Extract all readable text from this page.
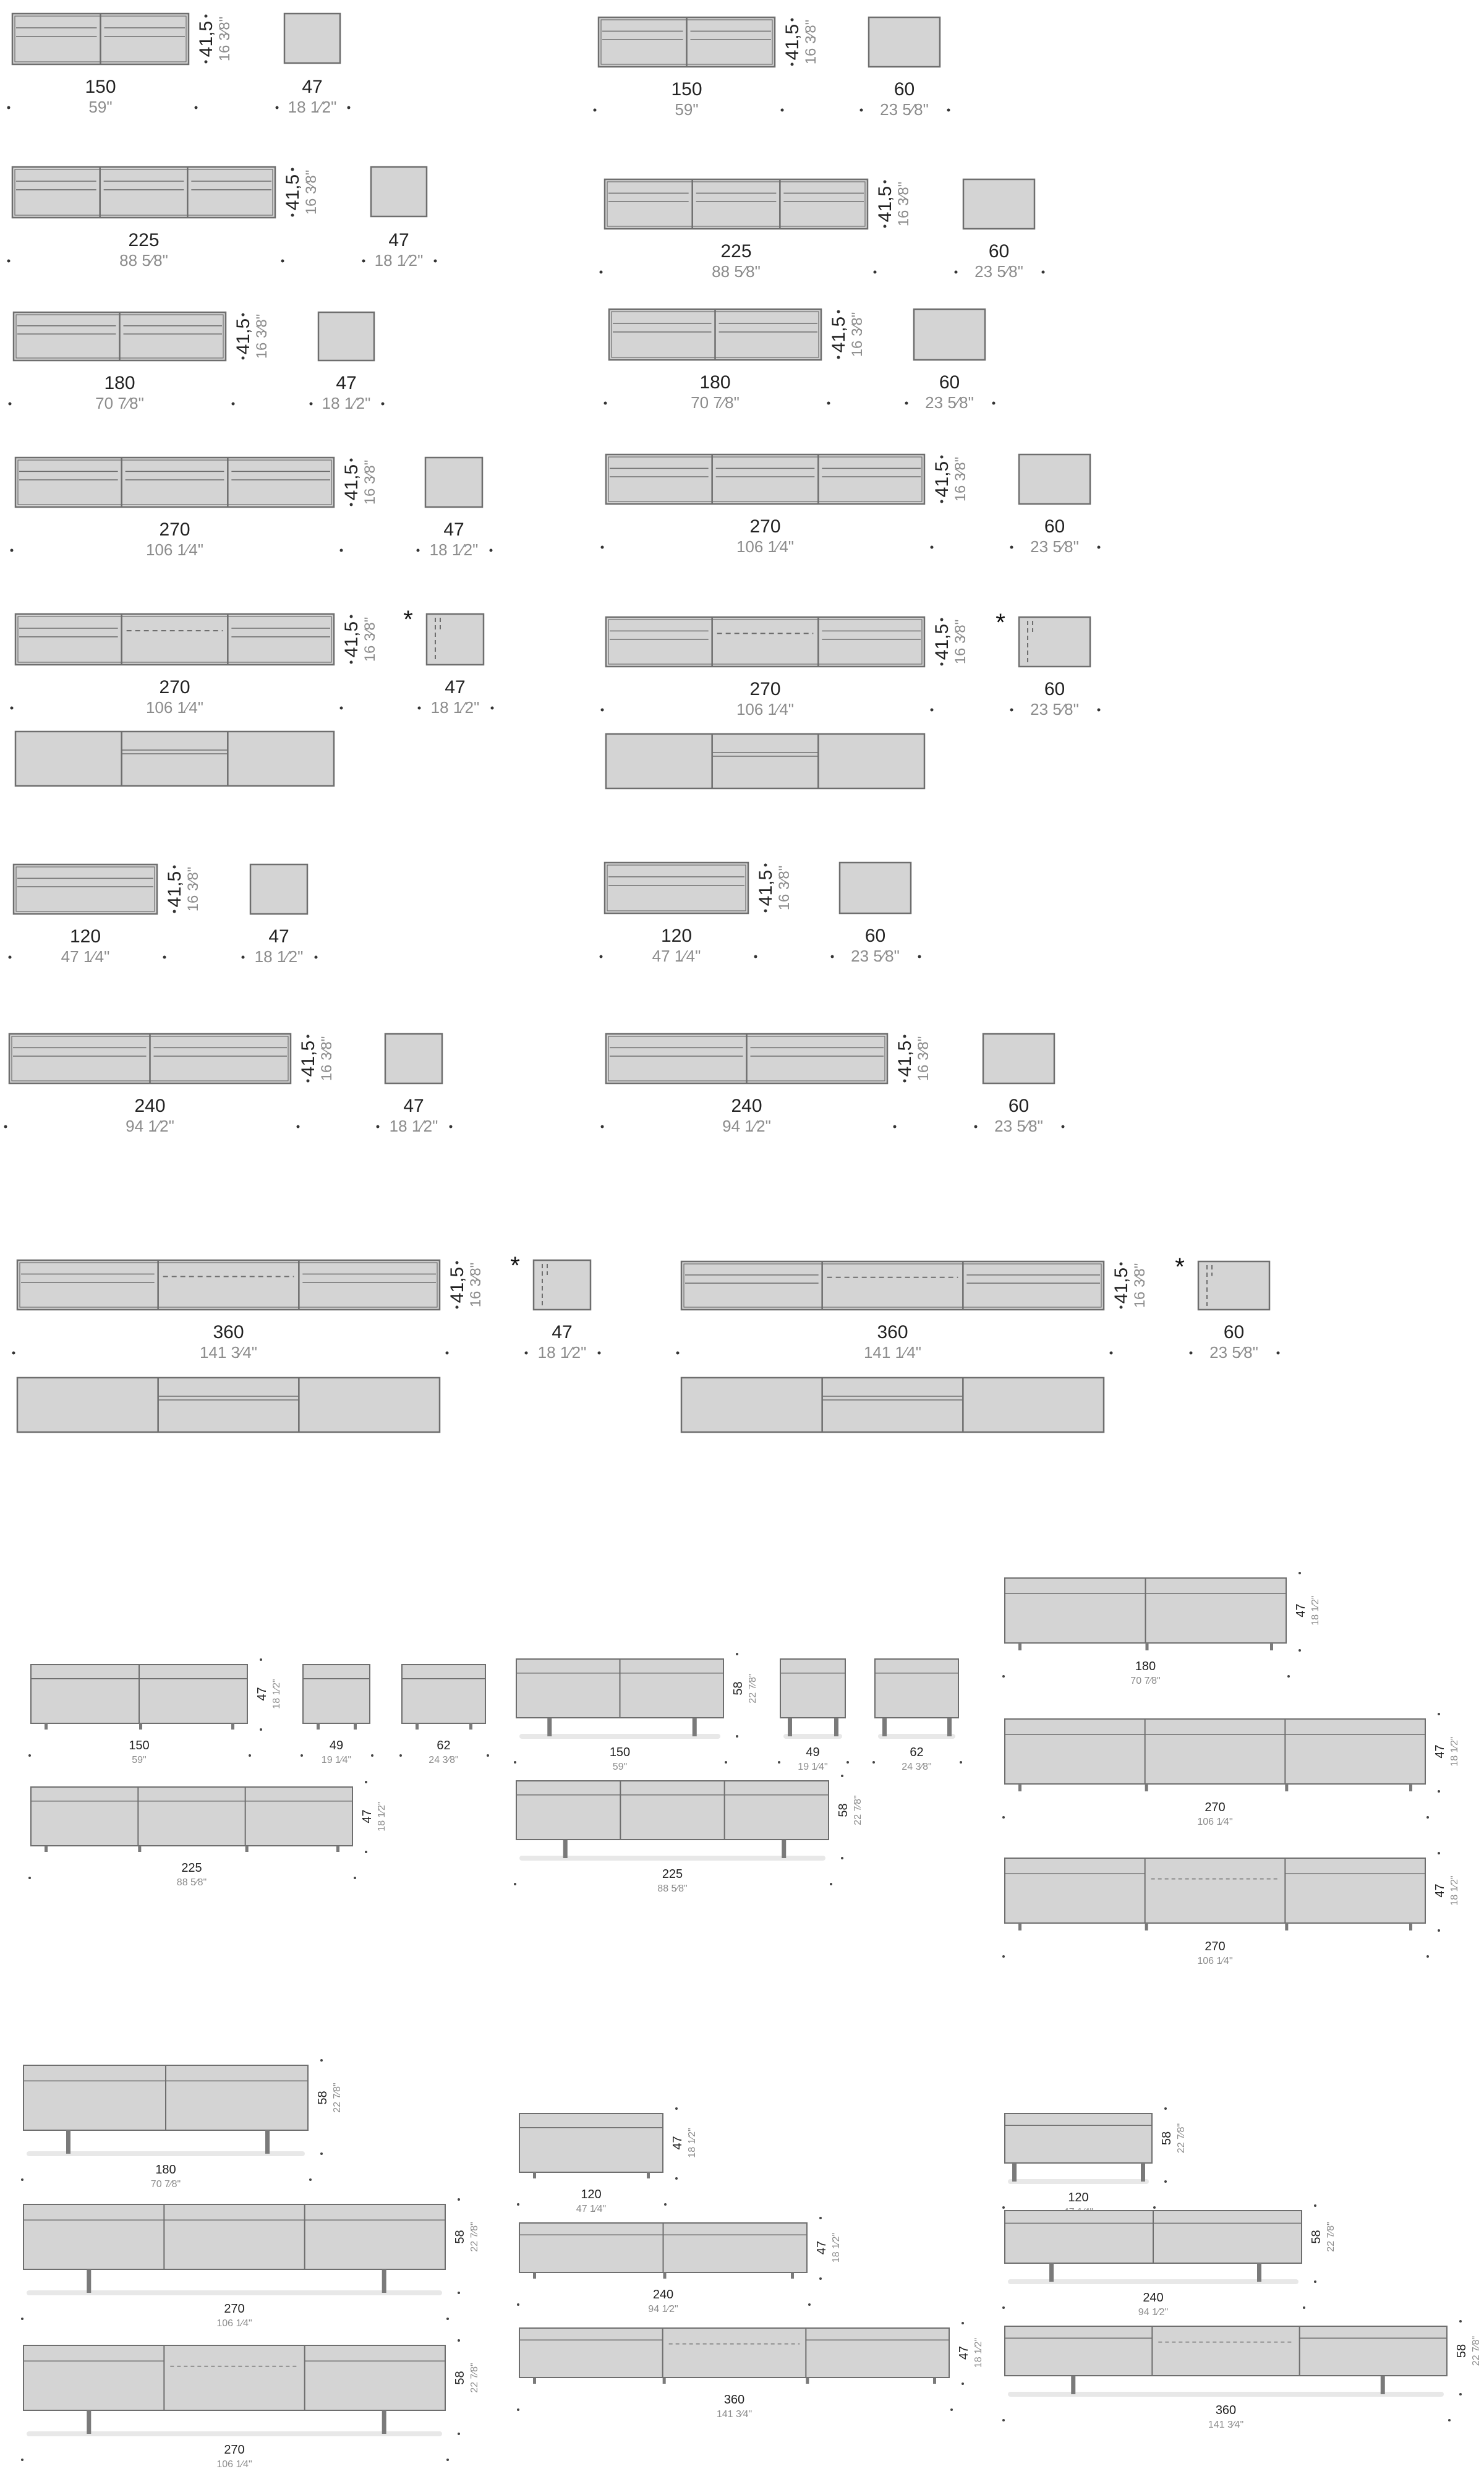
150
59"
41,5 16 3⁄8"
47
18 1⁄2"
150
59"
41,5 16 3⁄8"
60
23 5⁄8"
225
88 5⁄8"
41,5 16 3⁄8"
47
18 1⁄2"	225
88 5⁄8"
41,5 16 3⁄8"
60
23 5⁄8"
180
70 7⁄8"
41,5 16 3⁄8"
47
18 1⁄2"
180
70 7⁄8"
41,5 16 3⁄8"
60
23 5⁄8"
270
106 1⁄4"
41,5 16 3⁄8"
47
18 1⁄2"
270
106 1⁄4"
41,5 16 3⁄8"
60
23 5⁄8"
270
106 1⁄4"
41,5 16 3⁄8"
47
18 1⁄2"
*
270
106 1⁄4"
41,5 16 3⁄8"
60
23 5⁄8"
*
120
47 1⁄4"
41,5 16 3⁄8"
47
18 1⁄2"
120
47 1⁄4"
41,5 16 3⁄8"
60
23 5⁄8"
240
94 1⁄2"
41,5 16 3⁄8"
47
18 1⁄2"
240
94 1⁄2"
41,5 16 3⁄8"
60
23 5⁄8"
360
141 3⁄4"
41,5 16 3⁄8"
47
18 1⁄2"
*
360
141 1⁄4"
41,5 16 3⁄8"
60
23 5⁄8"
*
150
59"
47 18 1⁄2"
49
19 1⁄4"
62
24 3⁄8"
150
59"
58 22 7⁄8"
49
19 1⁄4"
62
24 3⁄8"
180
70 7⁄8"
47 18 1⁄2"
225
88 5⁄8"
47 18 1⁄2"
225
88 5⁄8"
58 22 7⁄8"	270
106 1⁄4"
47 18 1⁄2"
270
106 1⁄4"
47 18 1⁄2"
180
70 7⁄8"
58 22 7⁄8"
120
47 1⁄4"
47 18 1⁄2"
120
58 22 7⁄8"
270
106 1⁄4"
58 22 7⁄8"
240
94 1⁄2"
47 18 1⁄2"
240
94 1⁄2"
58 22 7⁄8"
270
106 1⁄4"
58 22 7⁄8"
360
141 3⁄4"
47 18 1⁄2"
360
141 3⁄4"
58 22 7⁄8"
